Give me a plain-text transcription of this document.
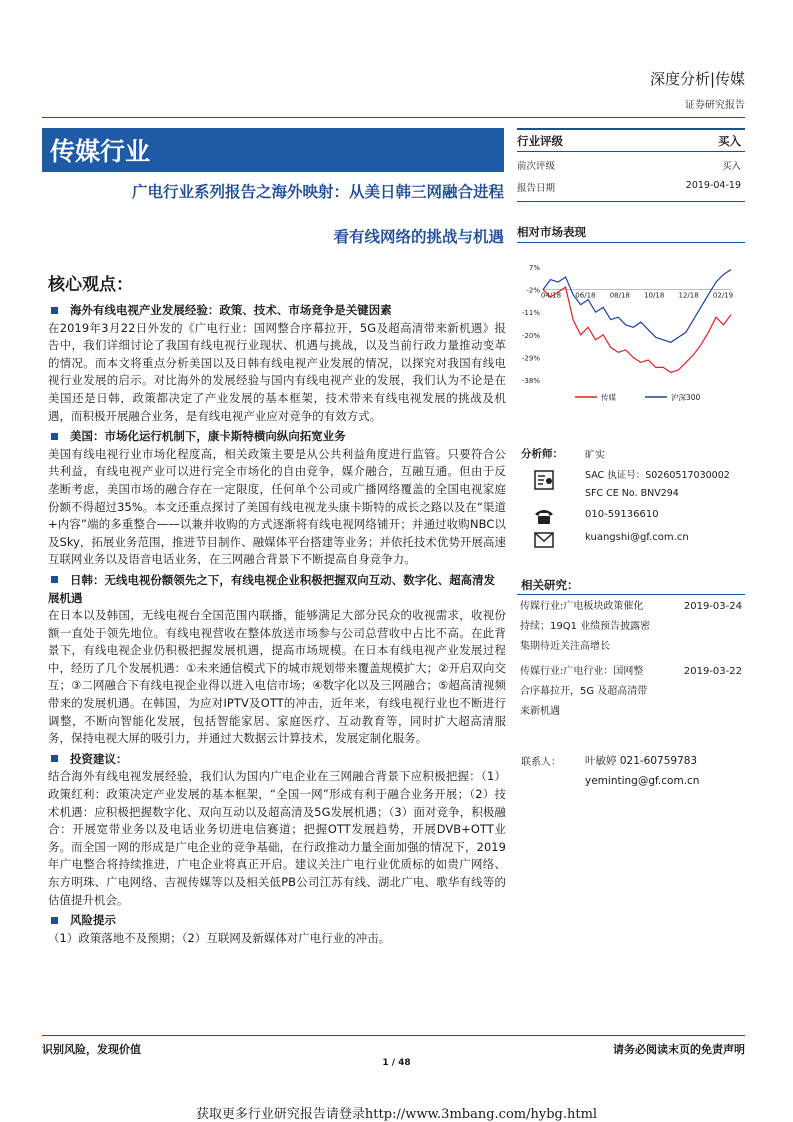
深度分析|传媒
证券研究报告
传媒行业
广电行业系列报告之海外映射：从美日韩三网融合进程
看有线网络的挑战与机遇
核心观点：
海外有线电视产业发展经验：政策、技术、市场竞争是关键因素

在2019年3月22日外发的《广电行业：国网整合序幕拉开，5G及超高清带来新机遇》报告中，我们详细讨论了我国有线电视行业现状、机遇与挑战，以及当前行政力量推动变革的情况。而本文将重点分析美国以及日韩有线电视产业发展的情况，以探究对我国有线电视行业发展的启示。对比海外的发展经验与国内有线电视产业的发展，我们认为不论是在美国还是日韩，政策都决定了产业发展的基本框架，技术带来有线电视发展的挑战及机遇，而积极开展融合业务，是有线电视产业应对竞争的有效方式。

美国：市场化运行机制下，康卡斯特横向纵向拓宽业务

美国有线电视行业市场化程度高，相关政策主要是从公共利益角度进行监管。只要符合公共利益，有线电视产业可以进行完全市场化的自由竞争，媒介融合，互融互通。但由于反垄断考虑，美国市场的融合存在一定限度，任何单个公司或广播网络覆盖的全国电视家庭份额不得超过35%。本文还重点探讨了美国有线电视龙头康卡斯特的成长之路以及在“渠道+内容”端的多重整合——以兼并收购的方式逐渐将有线电视网络铺开；并通过收购NBC以及Sky，拓展业务范围，推进节目制作、融媒体平台搭建等业务；并依托技术优势开展高速互联网业务以及语音电话业务，在三网融合背景下不断提高自身竞争力。

日韩：无线电视份额领先之下，有线电视企业积极把握双向互动、数字化、超高清发展机遇

在日本以及韩国，无线电视台全国范围内联播，能够满足大部分民众的收视需求，收视份额一直处于领先地位。有线电视营收在整体放送市场参与公司总营收中占比不高。在此背景下，有线电视企业仍积极把握发展机遇，提高市场规模。在日本有线电视产业发展过程中，经历了几个发展机遇：①未来通信模式下的城市规划带来覆盖规模扩大；②开启双向交互；③二网融合下有线电视企业得以进入电信市场；④数字化以及三网融合；⑤超高清视频带来的发展机遇。在韩国，为应对IPTV及OTT的冲击，近年来，有线电视行业也不断进行调整，不断向智能化发展，包括智能家居、家庭医疗、互动教育等，同时扩大超高清服务，保持电视大屏的吸引力，并通过大数据云计算技术，发展定制化服务。

投资建议：

结合海外有线电视发展经验，我们认为国内广电企业在三网融合背景下应积极把握：（1）政策红利：政策决定产业发展的基本框架，“全国一网”形成有利于融合业务开展；（2）技术机遇：应积极把握数字化、双向互动以及超高清及5G发展机遇；（3）面对竞争，积极融合：开展宽带业务以及电话业务切进电信赛道；把握OTT发展趋势，开展DVB+OTT业务。而全国一网的形成是广电企业的竞争基础，在行政推动力量全面加强的情况下，2019年广电整合将持续推进，广电企业将真正开启。建议关注广电行业优质标的如贵广网络、东方明珠、广电网络、吉视传媒等以及相关低PB公司江苏有线、湖北广电、歌华有线等的估值提升机会。

风险提示

（1）政策落地不及预期；（2）互联网及新媒体对广电行业的冲击。

行业评级	买入
前次评级	买入
报告日期	2019-04-19
相对市场表现
7%
-2%
-11%
-20%
-29%
-38%
04/18 06/18 08/18 10/18 12/18 02/19
传媒	沪深300
分析师： 旷实
SAC 执证号：S0260517030002
SFC CE No. BNV294
010-59136610
kuangshi@gf.com.cn
相关研究：
传媒行业:广电板块政策催化	2019-03-24
持续；19Q1 业绩预告披露密
集期待近关注高增长
传媒行业:广电行业：国网整	2019-03-22
合序幕拉开，5G 及超高清带
来新机遇
联系人： 叶敏婷 021-60759783
yeminting@gf.com.cn
识别风险，发现价值	请务必阅读末页的免责声明
1 / 48
获取更多行业研究报告请登录http://www.3mbang.com/hybg.html
